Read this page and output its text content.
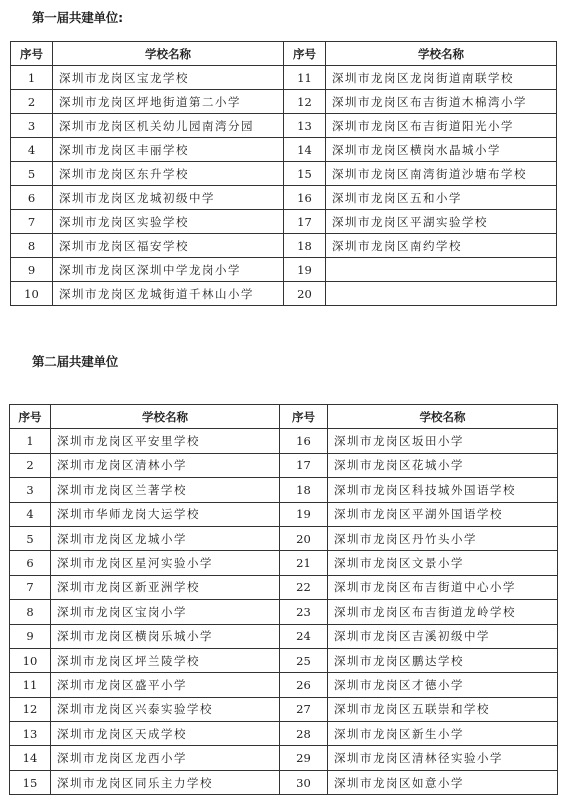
第一届共建单位:
序号	学校名称	序号	学校名称
1	深圳市龙岗区宝龙学校	11	深圳市龙岗区龙岗街道南联学校
2	深圳市龙岗区坪地街道第二小学	12	深圳市龙岗区布吉街道木棉湾小学
3	深圳市龙岗区机关幼儿园南湾分园	13	深圳市龙岗区布吉街道阳光小学
4	深圳市龙岗区丰丽学校	14	深圳市龙岗区横岗水晶城小学
5	深圳市龙岗区东升学校	15	深圳市龙岗区南湾街道沙塘布学校
6	深圳市龙岗区龙城初级中学	16	深圳市龙岗区五和小学
7	深圳市龙岗区实验学校	17	深圳市龙岗区平湖实验学校
8	深圳市龙岗区福安学校	18	深圳市龙岗区南约学校
9	深圳市龙岗区深圳中学龙岗小学	19	
10	深圳市龙岗区龙城街道千林山小学	20	
第二届共建单位
序号	学校名称	序号	学校名称
1	深圳市龙岗区平安里学校	16	深圳市龙岗区坂田小学
2	深圳市龙岗区清林小学	17	深圳市龙岗区花城小学
3	深圳市龙岗区兰著学校	18	深圳市龙岗区科技城外国语学校
4	深圳市华师龙岗大运学校	19	深圳市龙岗区平湖外国语学校
5	深圳市龙岗区龙城小学	20	深圳市龙岗区丹竹头小学
6	深圳市龙岗区星河实验小学	21	深圳市龙岗区文景小学
7	深圳市龙岗区新亚洲学校	22	深圳市龙岗区布吉街道中心小学
8	深圳市龙岗区宝岗小学	23	深圳市龙岗区布吉街道龙岭学校
9	深圳市龙岗区横岗乐城小学	24	深圳市龙岗区吉溪初级中学
10	深圳市龙岗区坪兰陵学校	25	深圳市龙岗区鹏达学校
11	深圳市龙岗区盛平小学	26	深圳市龙岗区才德小学
12	深圳市龙岗区兴泰实验学校	27	深圳市龙岗区五联崇和学校
13	深圳市龙岗区天成学校	28	深圳市龙岗区新生小学
14	深圳市龙岗区龙西小学	29	深圳市龙岗区清林径实验小学
15	深圳市龙岗区同乐主力学校	30	深圳市龙岗区如意小学
